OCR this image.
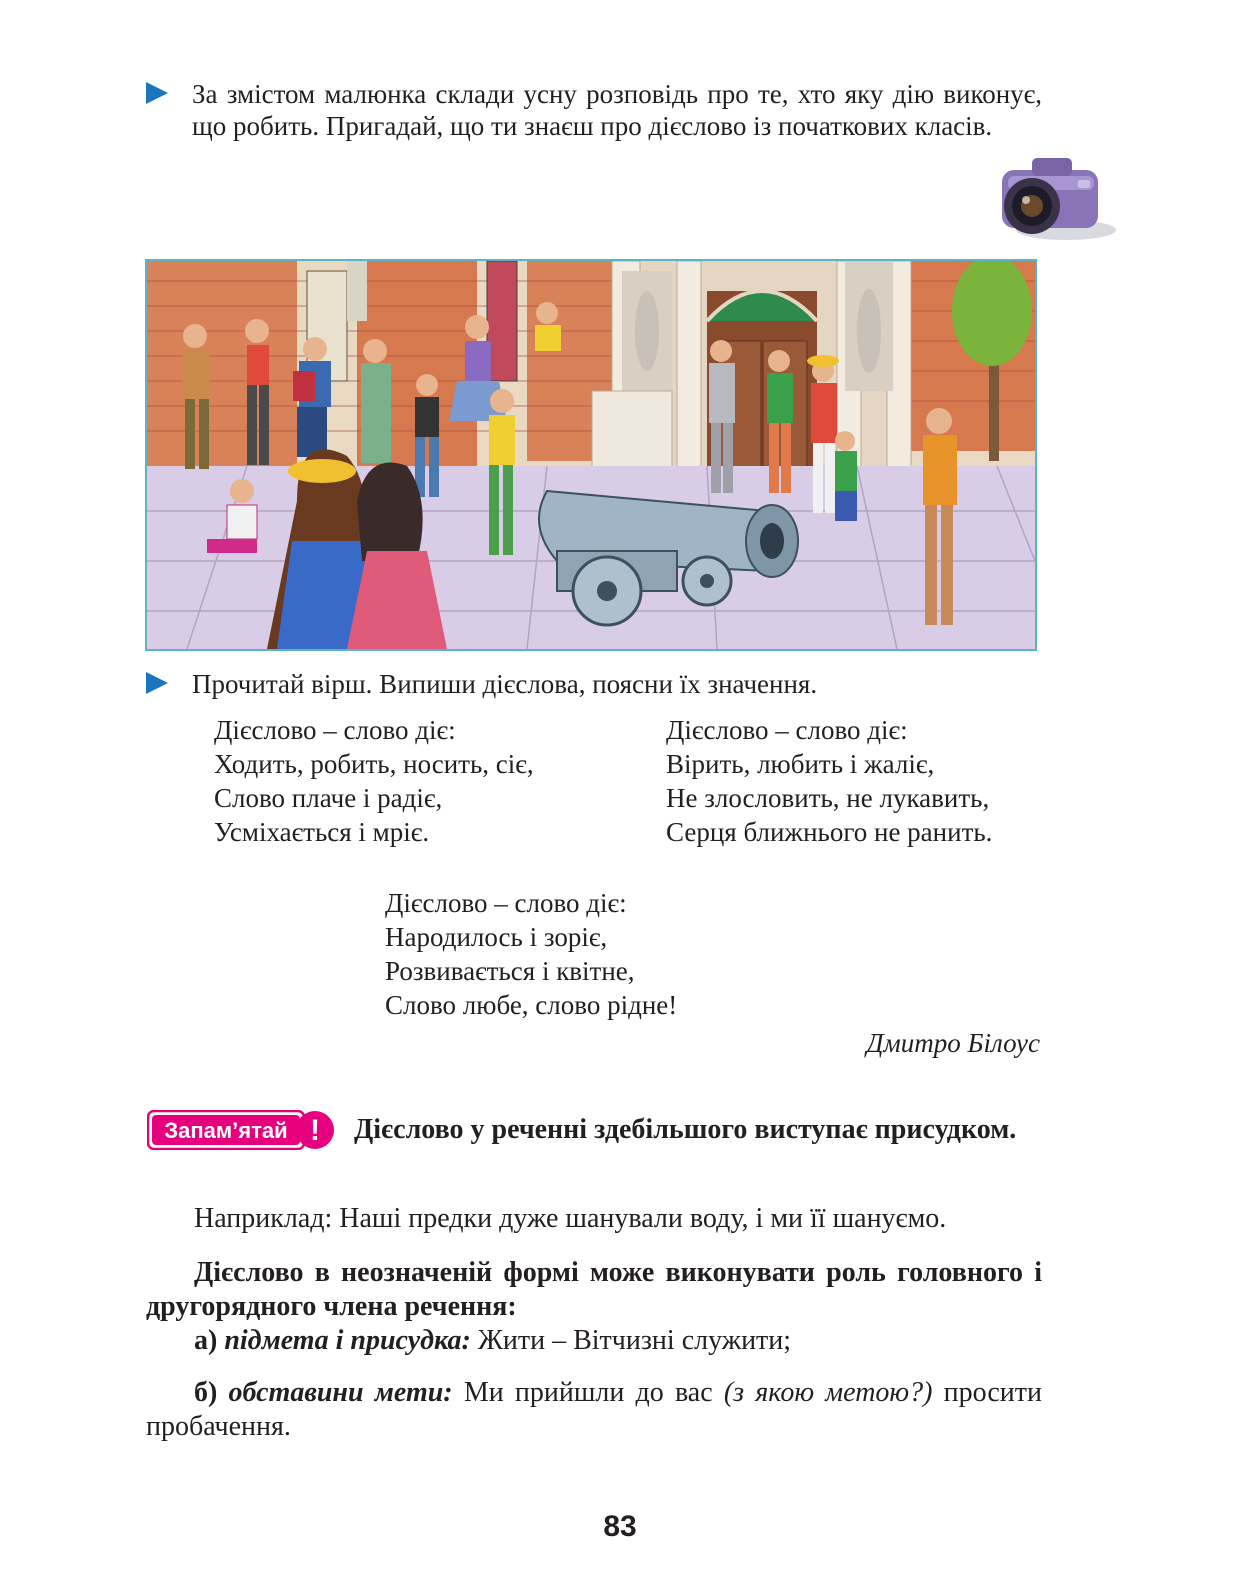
За змістом малюнка склади усну розповідь про те, хто яку дію виконує, що робить. Пригадай, що ти знаєш про дієслово із початкових класів.
Прочитай вірш. Випиши дієслова, поясни їх значення.
Дієслово – слово діє:
Ходить, робить, носить, сіє,
Слово плаче і радіє,
Усміхається і мріє.
Дієслово – слово діє:
Вірить, любить і жаліє,
Не злословить, не лукавить,
Серця ближнього не ранить.
Дієслово – слово діє:
Народилось і зоріє,
Розвивається і квітне,
Слово любе, слово рідне!
Дмитро Білоус
Дієслово у реченні здебільшого виступає присудком.
Запам’ятай !
Наприклад: Наші предки дуже шанували воду, і ми її шануємо.
Дієслово в неозначеній формі може виконувати роль головного і другорядного члена речення:
а) підмета і присудка: Жити – Вітчизні служити;
б) обставини мети: Ми прийшли до вас (з якою метою?) просити пробачення.
83
